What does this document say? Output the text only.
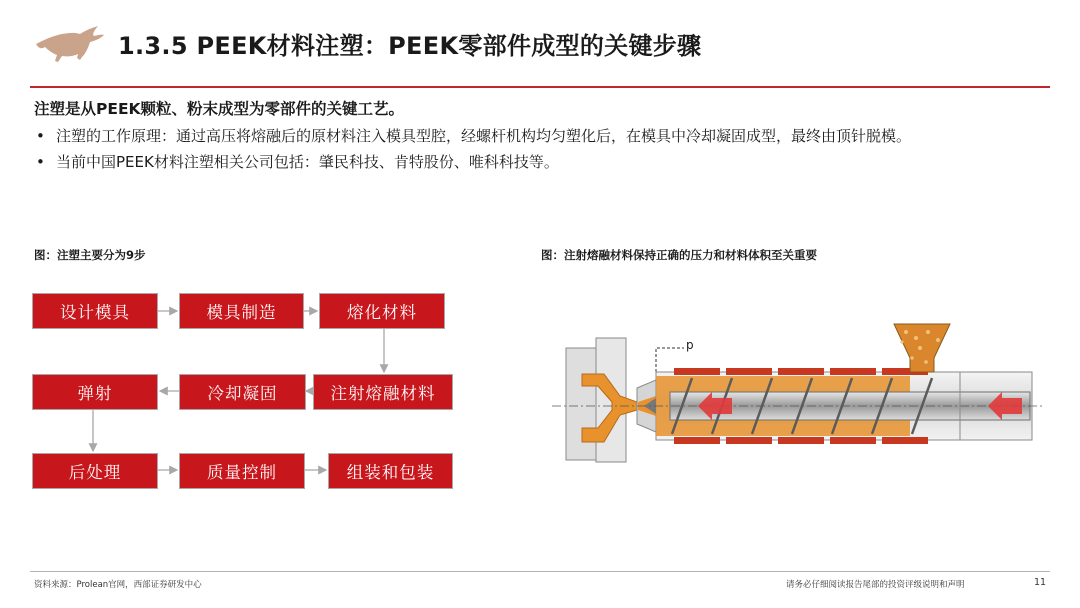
1.3.5 PEEK材料注塑：PEEK零部件成型的关键步骤
注塑是从PEEK颗粒、粉末成型为零部件的关键工艺。
• 注塑的工作原理：通过高压将熔融后的原材料注入模具型腔，经螺杆机构均匀塑化后，在模具中冷却凝固成型，最终由顶针脱模。
• 当前中国PEEK材料注塑相关公司包括：肇民科技、肯特股份、唯科科技等。
图：注塑主要分为9步
设计模具	模具制造	熔化材料
注射熔融材料
冷却凝固
弹射
后处理	质量控制	组装和包装
图：注射熔融材料保持正确的压力和材料体积至关重要
p
资料来源：Prolean官网，西部证券研发中心	请务必仔细阅读报告尾部的投资评级说明和声明	11
